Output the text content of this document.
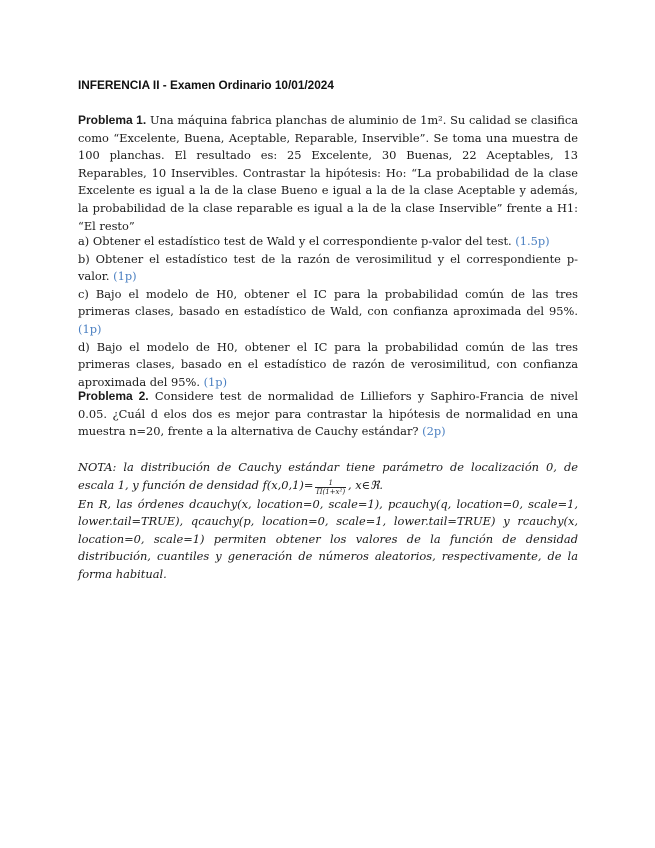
INFERENCIA II - Examen Ordinario 10/01/2024
Problema 1. Una máquina fabrica planchas de aluminio de 1m². Su calidad se clasifica como “Excelente, Buena, Aceptable, Reparable, Inservible”. Se toma una muestra de 100 planchas. El resultado es: 25 Excelente, 30 Buenas, 22 Aceptables, 13 Reparables, 10 Inservibles. Contrastar la hipótesis: Ho: “La probabilidad de la clase Excelente es igual a la de la clase Bueno e igual a la de la clase Aceptable y además, la probabilidad de la clase reparable es igual a la de la clase Inservible” frente a H1: “El resto”
a) Obtener el estadístico test de Wald y el correspondiente p-valor del test. (1.5p)
b) Obtener el estadístico test de la razón de verosimilitud y el correspondiente p-valor. (1p)
c) Bajo el modelo de H0, obtener el IC para la probabilidad común de las tres primeras clases, basado en estadístico de Wald, con confianza aproximada del 95%. (1p)
d) Bajo el modelo de H0, obtener el IC para la probabilidad común de las tres primeras clases, basado en el estadístico de razón de verosimilitud, con confianza aproximada del 95%. (1p)
Problema 2. Considere test de normalidad de Lilliefors y Saphiro-Francia de nivel 0.05. ¿Cuál d elos dos es mejor para contrastar la hipótesis de normalidad en una muestra n=20, frente a la alternativa de Cauchy estándar? (2p)
NOTA: la distribución de Cauchy estándar tiene parámetro de localización 0, de escala 1, y función de densidad $f(x,0,1)= \frac{1}{\text{Π(1+x²)}}$ , x∈ℜ.
En R, las órdenes dcauchy(x, location=0, scale=1), pcauchy(q, location=0, scale=1, lower.tail=TRUE), qcauchy(p, location=0, scale=1, lower.tail=TRUE) y rcauchy(x, location=0, scale=1) permiten obtener los valores de la función de densidad distribución, cuantiles y generación de números aleatorios, respectivamente, de la forma habitual.
